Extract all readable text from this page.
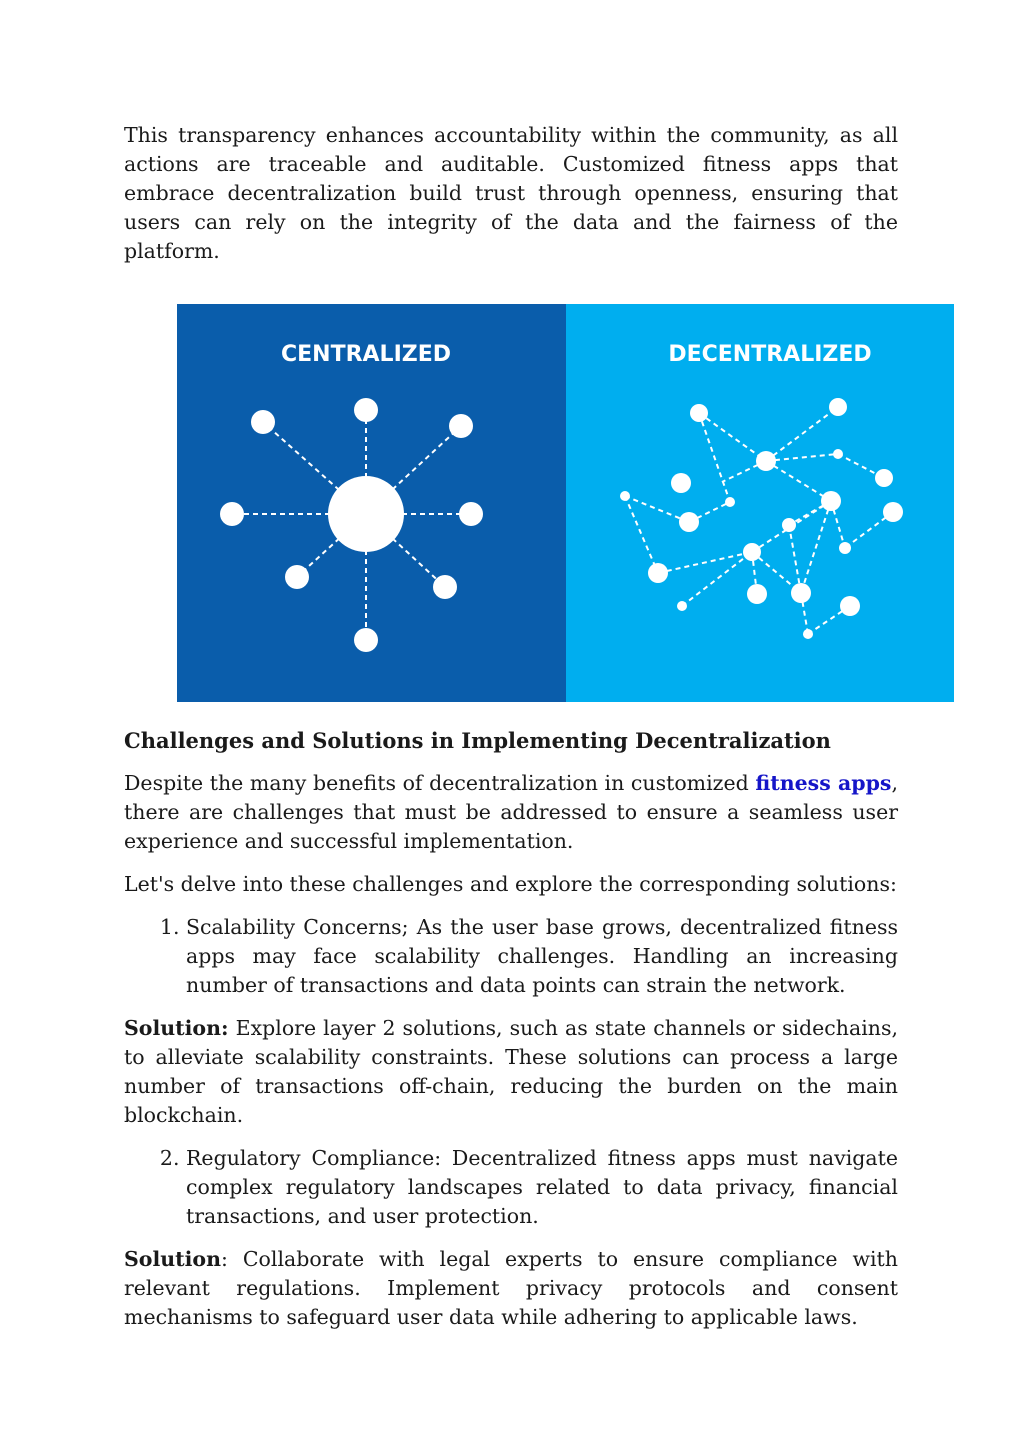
This transparency enhances accountability within the community, as all actions are traceable and auditable. Customized fitness apps that embrace decentralization build trust through openness, ensuring that users can rely on the integrity of the data and the fairness of the platform.

Challenges and Solutions in Implementing Decentralization

Despite the many benefits of decentralization in customized fitness apps, there are challenges that must be addressed to ensure a seamless user experience and successful implementation.

Let's delve into these challenges and explore the corresponding solutions:

1. Scalability Concerns; As the user base grows, decentralized fitness apps may face scalability challenges. Handling an increasing number of transactions and data points can strain the network.

Solution: Explore layer 2 solutions, such as state channels or sidechains, to alleviate scalability constraints. These solutions can process a large number of transactions off-chain, reducing the burden on the main blockchain.

2. Regulatory Compliance: Decentralized fitness apps must navigate complex regulatory landscapes related to data privacy, financial transactions, and user protection.

Solution: Collaborate with legal experts to ensure compliance with relevant regulations. Implement privacy protocols and consent mechanisms to safeguard user data while adhering to applicable laws.

CENTRALIZED	DECENTRALIZED
